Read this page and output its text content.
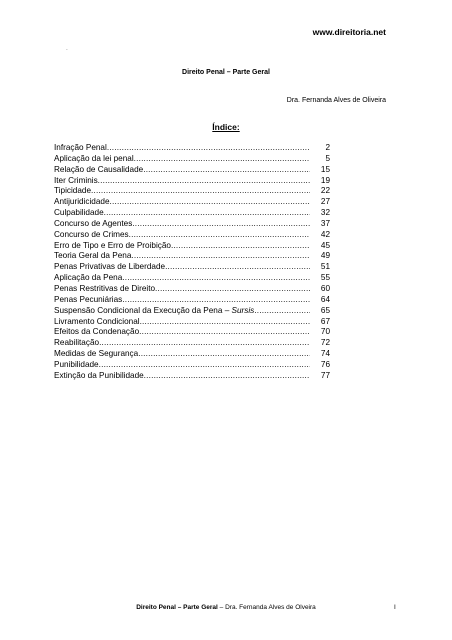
www.direitoria.net
-
Direito Penal – Parte Geral
Dra. Fernanda Alves de Oliveira
Índice:
Infração Penal .....	2
Aplicação da lei penal .....	5
Relação de Causalidade .....	15
Iter Criminis .....	19
Tipicidade .....	22
Antijuridicidade .....	27
Culpabilidade .....	32
Concurso de Agentes .....	37
Concurso de Crimes .....	42
Erro de Tipo e Erro de Proibição .....	45
Teoria Geral da Pena .....	49
Penas Privativas de Liberdade .....	51
Aplicação da Pena .....	55
Penas Restritivas de Direito .....	60
Penas Pecuniárias .....	64
Suspensão Condicional da Execução da Pena – Sursis .....	65
Livramento Condicional .....	67
Efeitos da Condenação .....	70
Reabilitação .....	72
Medidas de Segurança .....	74
Punibilidade .....	76
Extinção da Punibilidade .....	77
Direito Penal – Parte Geral – Dra. Fernanda Alves de Olveira	I
